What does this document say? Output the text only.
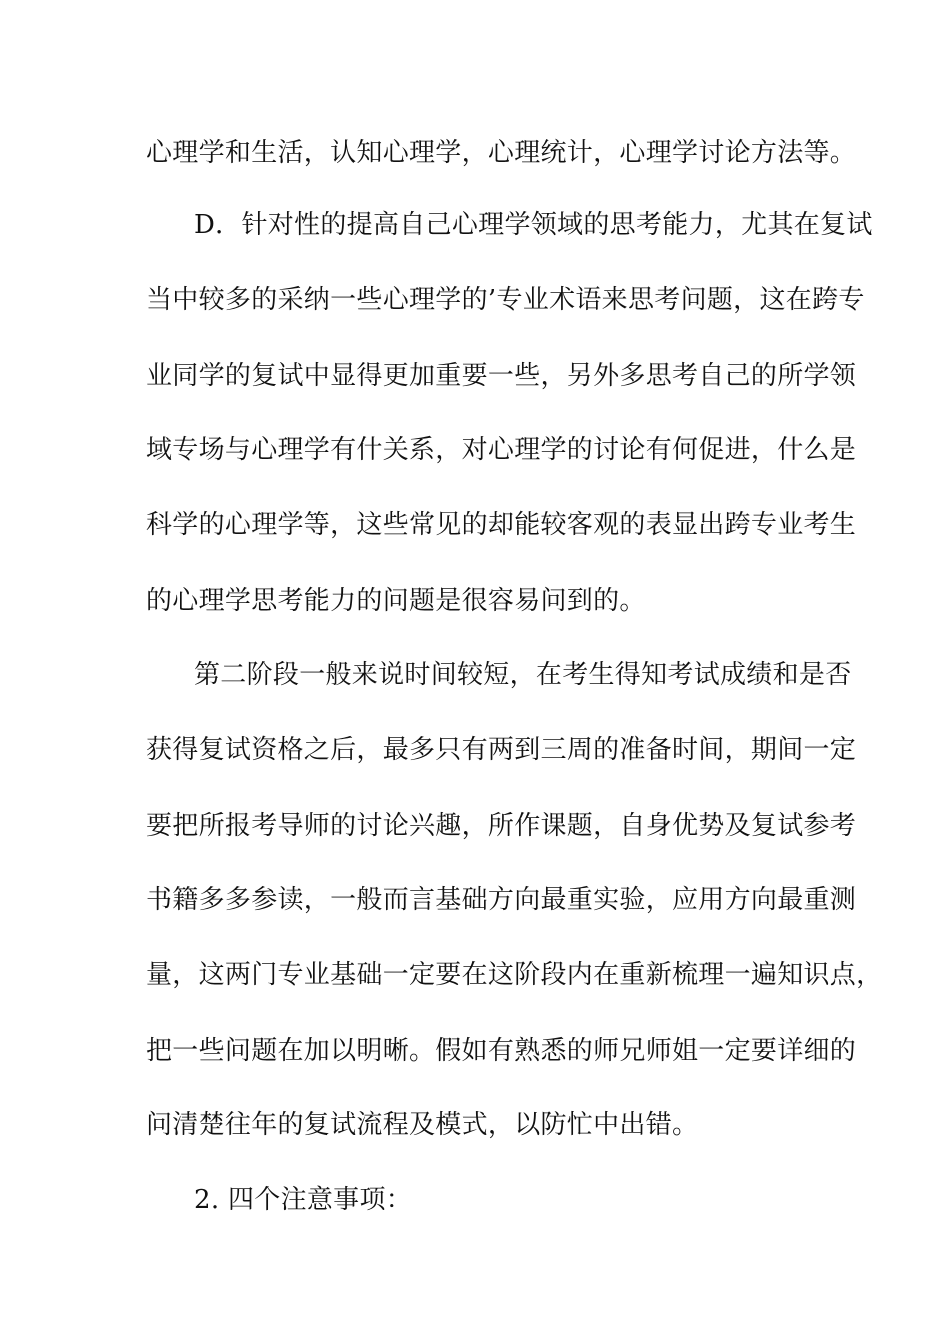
心理学和生活，认知心理学，心理统计，心理学讨论方法等。
D．针对性的提高自己心理学领域的思考能力，尤其在复试
当中较多的采纳一些心理学的’专业术语来思考问题，这在跨专
业同学的复试中显得更加重要一些，另外多思考自己的所学领
域专场与心理学有什关系，对心理学的讨论有何促进，什么是
科学的心理学等，这些常见的却能较客观的表显出跨专业考生
的心理学思考能力的问题是很容易问到的。
第二阶段一般来说时间较短，在考生得知考试成绩和是否
获得复试资格之后，最多只有两到三周的准备时间，期间一定
要把所报考导师的讨论兴趣，所作课题，自身优势及复试参考
书籍多多参读，一般而言基础方向最重实验，应用方向最重测
量，这两门专业基础一定要在这阶段内在重新梳理一遍知识点，
把一些问题在加以明晰。假如有熟悉的师兄师姐一定要详细的
问清楚往年的复试流程及模式，以防忙中出错。
2. 四个注意事项：
